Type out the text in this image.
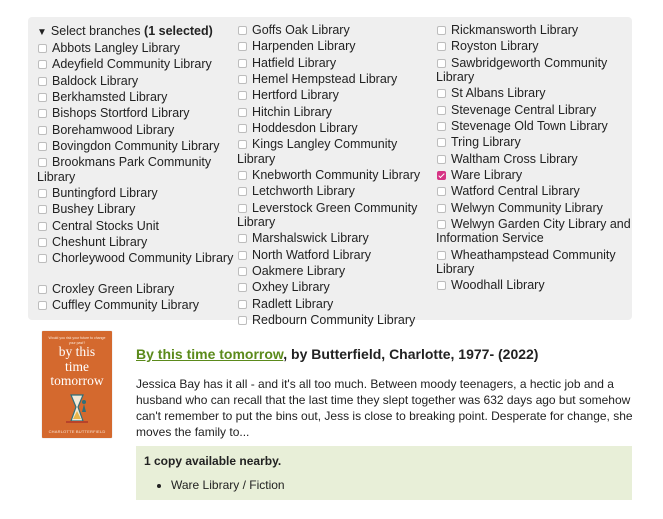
▼ Select branches (1 selected)
Abbots Langley Library
Adeyfield Community Library
Baldock Library
Berkhamsted Library
Bishops Stortford Library
Borehamwood Library
Bovingdon Community Library
Brookmans Park Community Library
Buntingford Library
Bushey Library
Central Stocks Unit
Cheshunt Library
Chorleywood Community Library
Croxley Green Library
Cuffley Community Library
Goffs Oak Library
Harpenden Library
Hatfield Library
Hemel Hempstead Library
Hertford Library
Hitchin Library
Hoddesdon Library
Kings Langley Community Library
Knebworth Community Library
Letchworth Library
Leverstock Green Community Library
Marshalswick Library
North Watford Library
Oakmere Library
Oxhey Library
Radlett Library
Redbourn Community Library
Rickmansworth Library
Royston Library
Sawbridgeworth Community Library
St Albans Library
Stevenage Central Library
Stevenage Old Town Library
Tring Library
Waltham Cross Library
Ware Library
Watford Central Library
Welwyn Community Library
Welwyn Garden City Library and Information Service
Wheathampstead Community Library
Woodhall Library
Would you risk your future to change your past?
by this
time
tomorrow
CHARLOTTE BUTTERFIELD
By this time tomorrow, by Butterfield, Charlotte, 1977- (2022)
Jessica Bay has it all - and it's all too much. Between moody teenagers, a hectic job and a husband who can recall that the last time they slept together was 632 days ago but somehow can't remember to put the bins out, Jess is close to breaking point. Desperate for change, she moves the family to...
1 copy available nearby.
• Ware Library / Fiction
